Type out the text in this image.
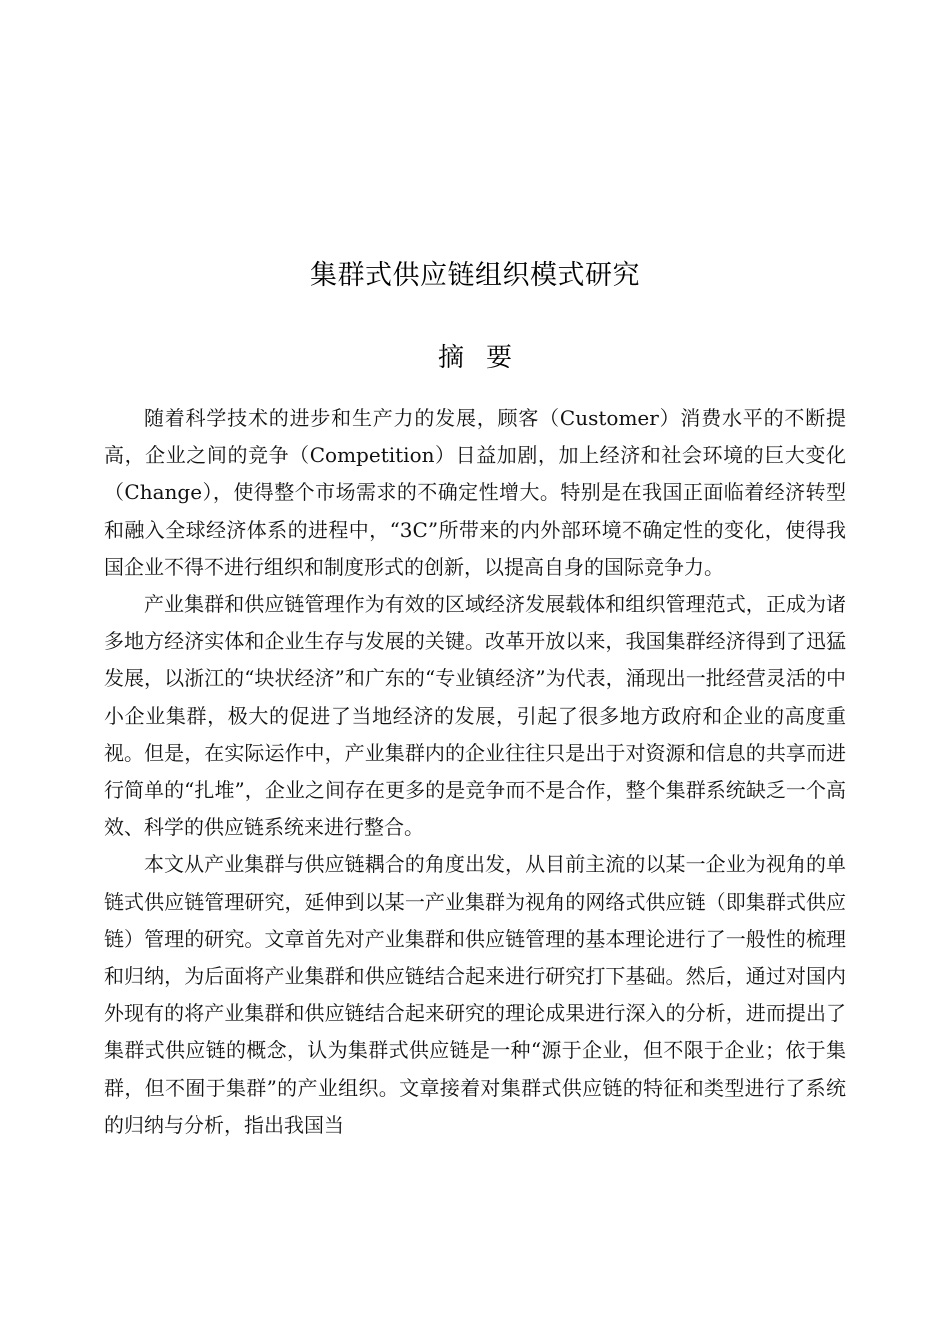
集群式供应链组织模式研究
摘要

随着科学技术的进步和生产力的发展，顾客（Customer）消费水平的不断提高，企业之间的竞争（Competition）日益加剧，加上经济和社会环境的巨大变化（Change），使得整个市场需求的不确定性增大。特别是在我国正面临着经济转型和融入全球经济体系的进程中，“3C”所带来的内外部环境不确定性的变化，使得我国企业不得不进行组织和制度形式的创新，以提高自身的国际竞争力。

产业集群和供应链管理作为有效的区域经济发展载体和组织管理范式，正成为诸多地方经济实体和企业生存与发展的关键。改革开放以来，我国集群经济得到了迅猛发展，以浙江的“块状经济”和广东的“专业镇经济”为代表，涌现出一批经营灵活的中小企业集群，极大的促进了当地经济的发展，引起了很多地方政府和企业的高度重视。但是，在实际运作中，产业集群内的企业往往只是出于对资源和信息的共享而进行简单的“扎堆”，企业之间存在更多的是竞争而不是合作，整个集群系统缺乏一个高效、科学的供应链系统来进行整合。

本文从产业集群与供应链耦合的角度出发，从目前主流的以某一企业为视角的单链式供应链管理研究，延伸到以某一产业集群为视角的网络式供应链（即集群式供应链）管理的研究。文章首先对产业集群和供应链管理的基本理论进行了一般性的梳理和归纳，为后面将产业集群和供应链结合起来进行研究打下基础。然后，通过对国内外现有的将产业集群和供应链结合起来研究的理论成果进行深入的分析，进而提出了集群式供应链的概念，认为集群式供应链是一种“源于企业，但不限于企业；依于集群，但不囿于集群”的产业组织。文章接着对集群式供应链的特征和类型进行了系统的归纳与分析，指出我国当
